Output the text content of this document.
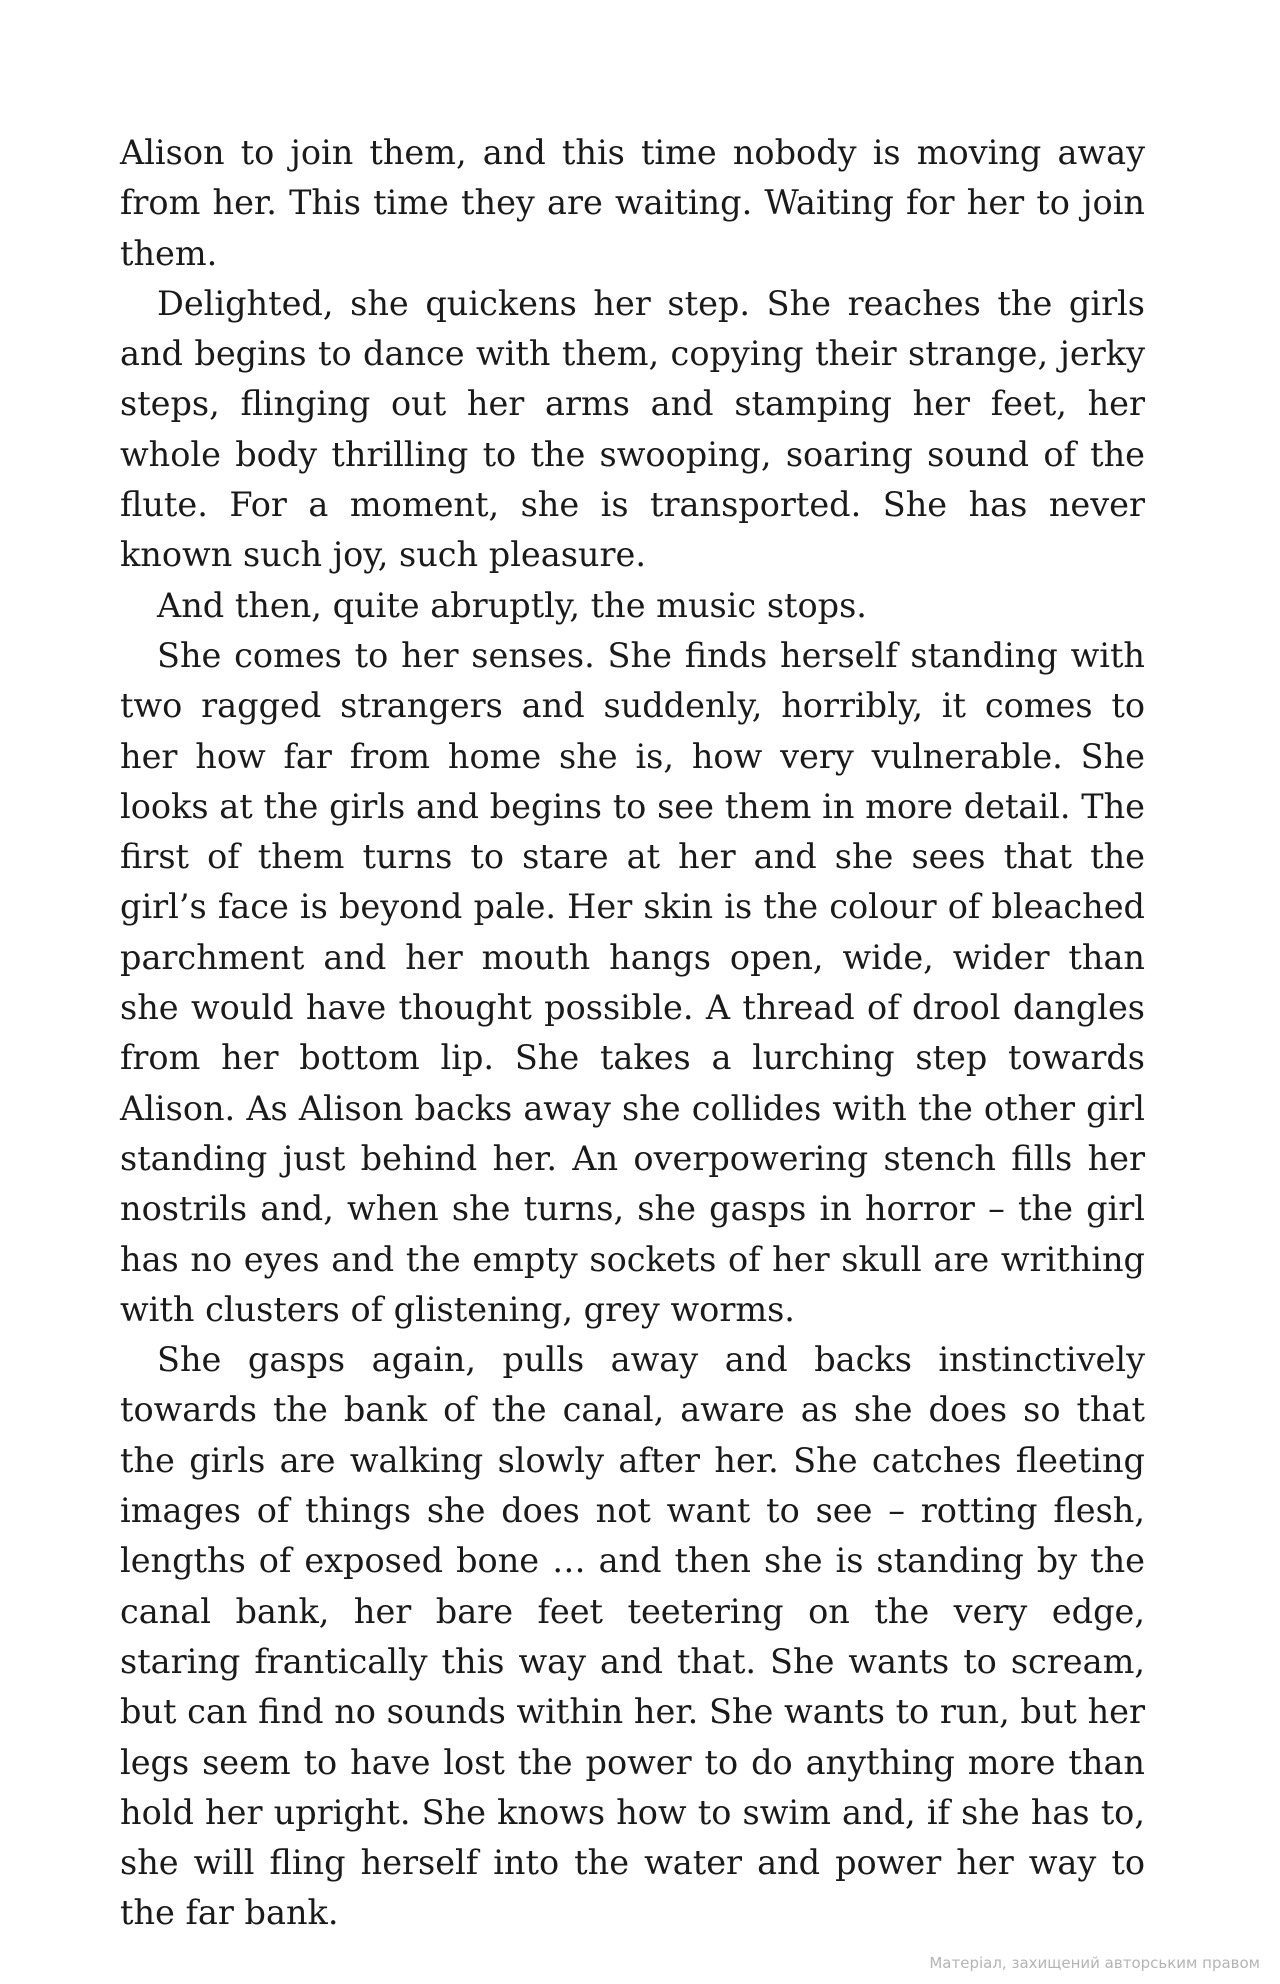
Alison to join them, and this time nobody is moving away from her. This time they are waiting. Waiting for her to join them.

Delighted, she quickens her step. She reaches the girls and begins to dance with them, copying their strange, jerky steps, flinging out her arms and stamping her feet, her whole body thrilling to the swooping, soaring sound of the flute. For a moment, she is transported. She has never known such joy, such pleasure.

And then, quite abruptly, the music stops.

She comes to her senses. She finds herself standing with two ragged strangers and suddenly, horribly, it comes to her how far from home she is, how very vulnerable. She looks at the girls and begins to see them in more detail. The first of them turns to stare at her and she sees that the girl’s face is beyond pale. Her skin is the colour of bleached parchment and her mouth hangs open, wide, wider than she would have thought possible. A thread of drool dangles from her bottom lip. She takes a lurching step towards Alison. As Alison backs away she collides with the other girl standing just behind her. An overpowering stench fills her nostrils and, when she turns, she gasps in horror – the girl has no eyes and the empty sockets of her skull are writhing with clusters of glistening, grey worms.

She gasps again, pulls away and backs instinctively towards the bank of the canal, aware as she does so that the girls are walking slowly after her. She catches fleeting images of things she does not want to see – rotting flesh, lengths of exposed bone … and then she is standing by the canal bank, her bare feet teetering on the very edge, staring frantically this way and that. She wants to scream, but can find no sounds within her. She wants to run, but her legs seem to have lost the power to do anything more than hold her upright. She knows how to swim and, if she has to, she will fling herself into the water and power her way to the far bank.

Матеріал, захищений авторським правом
